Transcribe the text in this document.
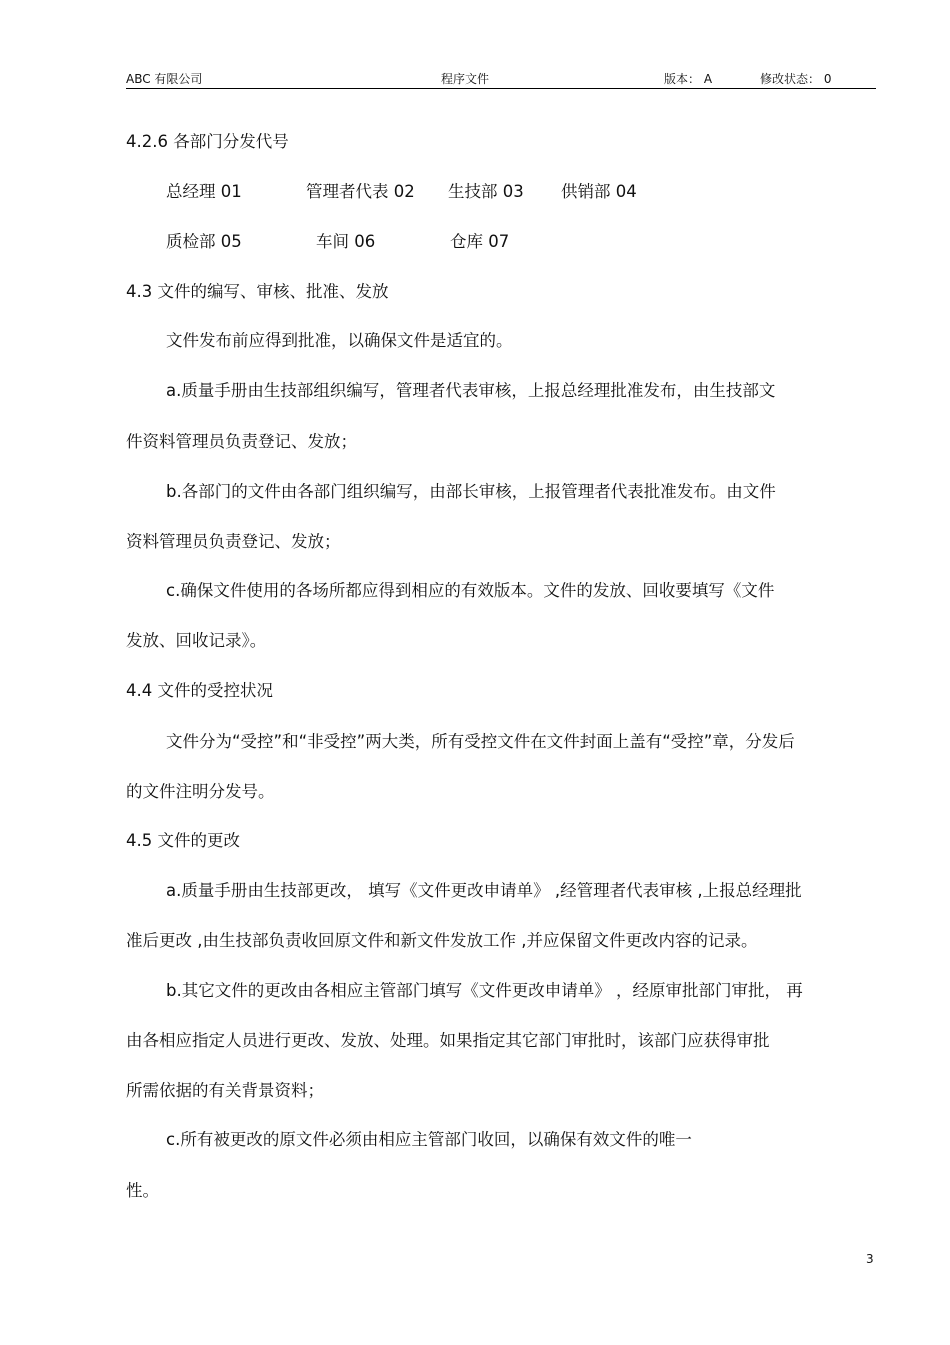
ABC 有限公司	程序文件	版本： A	修改状态： 0
4.2.6 各部门分发代号
总经理 01	管理者代表 02 生技部 03 供销部 04
质检部 05	车间 06	仓库 07
4.3 文件的编写、审核、批准、发放
文件发布前应得到批准，以确保文件是适宜的。
a.质量手册由生技部组织编写，管理者代表审核，上报总经理批准发布，由生技部文
件资料管理员负责登记、发放；
b.各部门的文件由各部门组织编写，由部长审核，上报管理者代表批准发布。由文件
资料管理员负责登记、发放；
c.确保文件使用的各场所都应得到相应的有效版本。文件的发放、回收要填写《文件
发放、回收记录》。
4.4 文件的受控状况
文件分为“受控”和“非受控”两大类，所有受控文件在文件封面上盖有“受控”章，分发后
的文件注明分发号。
4.5 文件的更改
a.质量手册由生技部更改， 填写《文件更改申请单》 ,经管理者代表审核 ,上报总经理批
准后更改 ,由生技部负责收回原文件和新文件发放工作 ,并应保留文件更改内容的记录。
b.其它文件的更改由各相应主管部门填写《文件更改申请单》 ，经原审批部门审批， 再
由各相应指定人员进行更改、发放、处理。如果指定其它部门审批时，该部门应获得审批
所需依据的有关背景资料；
c.所有被更改的原文件必须由相应主管部门收回，以确保有效文件的唯一
性。
3
